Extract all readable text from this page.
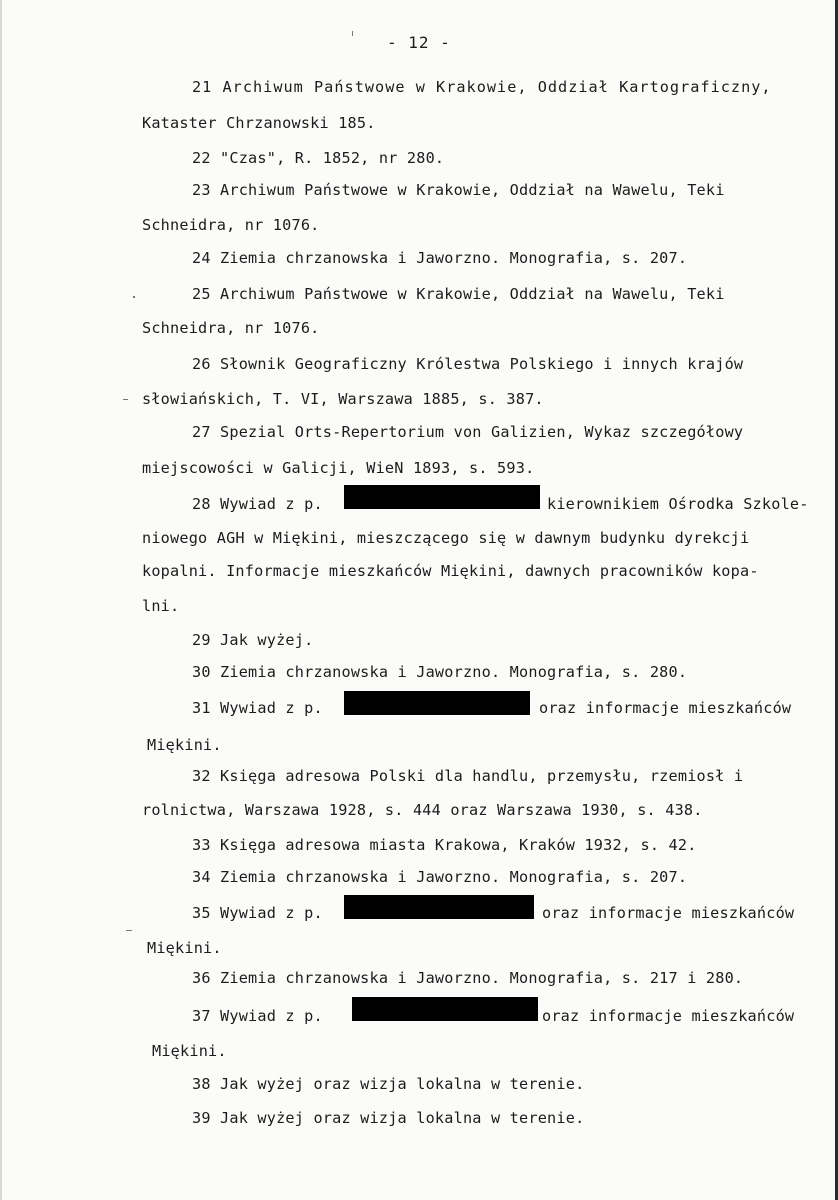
- 12 -
21 Archiwum Państwowe w Krakowie, Oddział Kartograficzny,
Kataster Chrzanowski 185.
22 "Czas", R. 1852, nr 280.
23 Archiwum Państwowe w Krakowie, Oddział na Wawelu, Teki
Schneidra, nr 1076.
24 Ziemia chrzanowska i Jaworzno. Monografia, s. 207.
25 Archiwum Państwowe w Krakowie, Oddział na Wawelu, Teki
Schneidra, nr 1076.
26 Słownik Geograficzny Królestwa Polskiego i innych krajów
słowiańskich, T. VI, Warszawa 1885, s. 387.
27 Spezial Orts-Repertorium von Galizien, Wykaz szczegółowy
miejscowości w Galicji, WieN 1893, s. 593.
28 Wywiad z p.	kierownikiem Ośrodka Szkole-
niowego AGH w Miękini, mieszczącego się w dawnym budynku dyrekcji
kopalni. Informacje mieszkańców Miękini, dawnych pracowników kopa-
lni.
29 Jak wyżej.
30 Ziemia chrzanowska i Jaworzno. Monografia, s. 280.
31 Wywiad z p.	oraz informacje mieszkańców
Miękini.
32 Księga adresowa Polski dla handlu, przemysłu, rzemiosł i
rolnictwa, Warszawa 1928, s. 444 oraz Warszawa 1930, s. 438.
33 Księga adresowa miasta Krakowa, Kraków 1932, s. 42.
34 Ziemia chrzanowska i Jaworzno. Monografia, s. 207.
35 Wywiad z p.	oraz informacje mieszkańców
Miękini.
36 Ziemia chrzanowska i Jaworzno. Monografia, s. 217 i 280.
37 Wywiad z p.	oraz informacje mieszkańców
Miękini.
38 Jak wyżej oraz wizja lokalna w terenie.
39 Jak wyżej oraz wizja lokalna w terenie.
